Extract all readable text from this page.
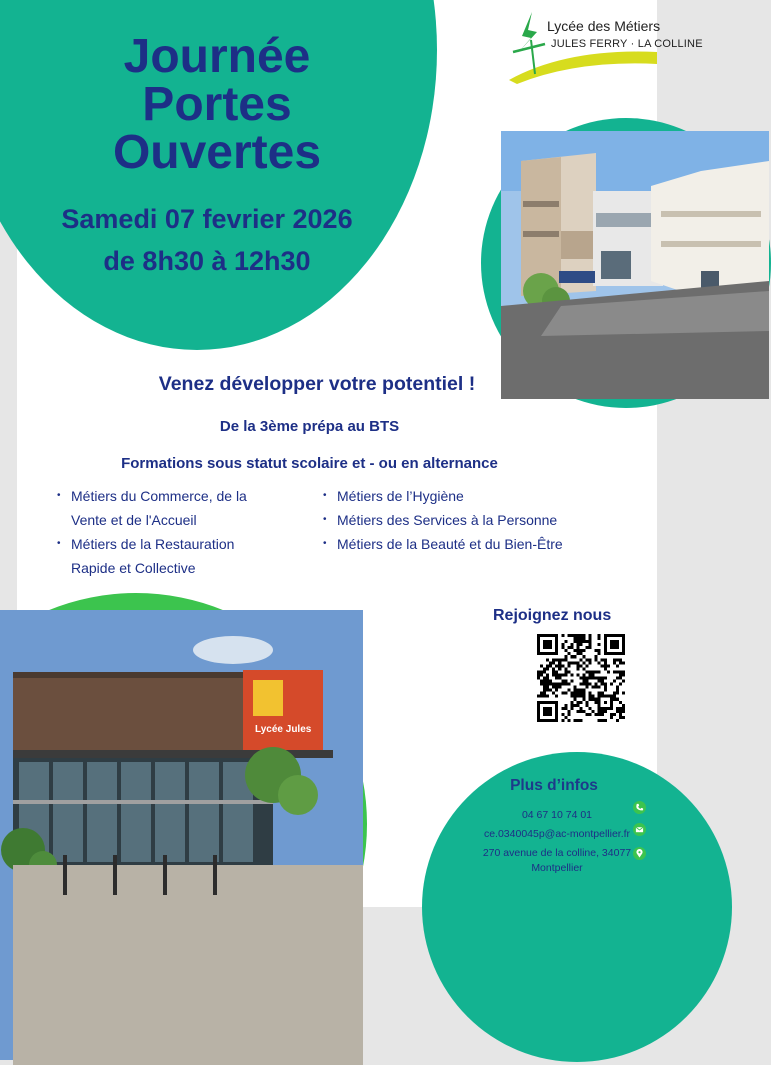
Journée
Portes
Ouvertes
Samedi 07 fevrier 2026
de 8h30 à 12h30
Lycée des Métiers
JULES FERRY · LA COLLINE
Venez développer votre potentiel !
De la 3ème prépa au BTS
Formations sous statut scolaire et - ou en alternance
• Métiers du Commerce, de la
Vente et de l'Accueil
• Métiers de la Restauration
Rapide et Collective
• Métiers de l’Hygiène
• Métiers des Services à la Personne
• Métiers de la Beauté et du Bien-Être
Lycée Jules
Rejoignez nous
Plus d’infos
04 67 10 74 01
ce.0340045p@ac-montpellier.fr
270 avenue de la colline, 34077
Montpellier
